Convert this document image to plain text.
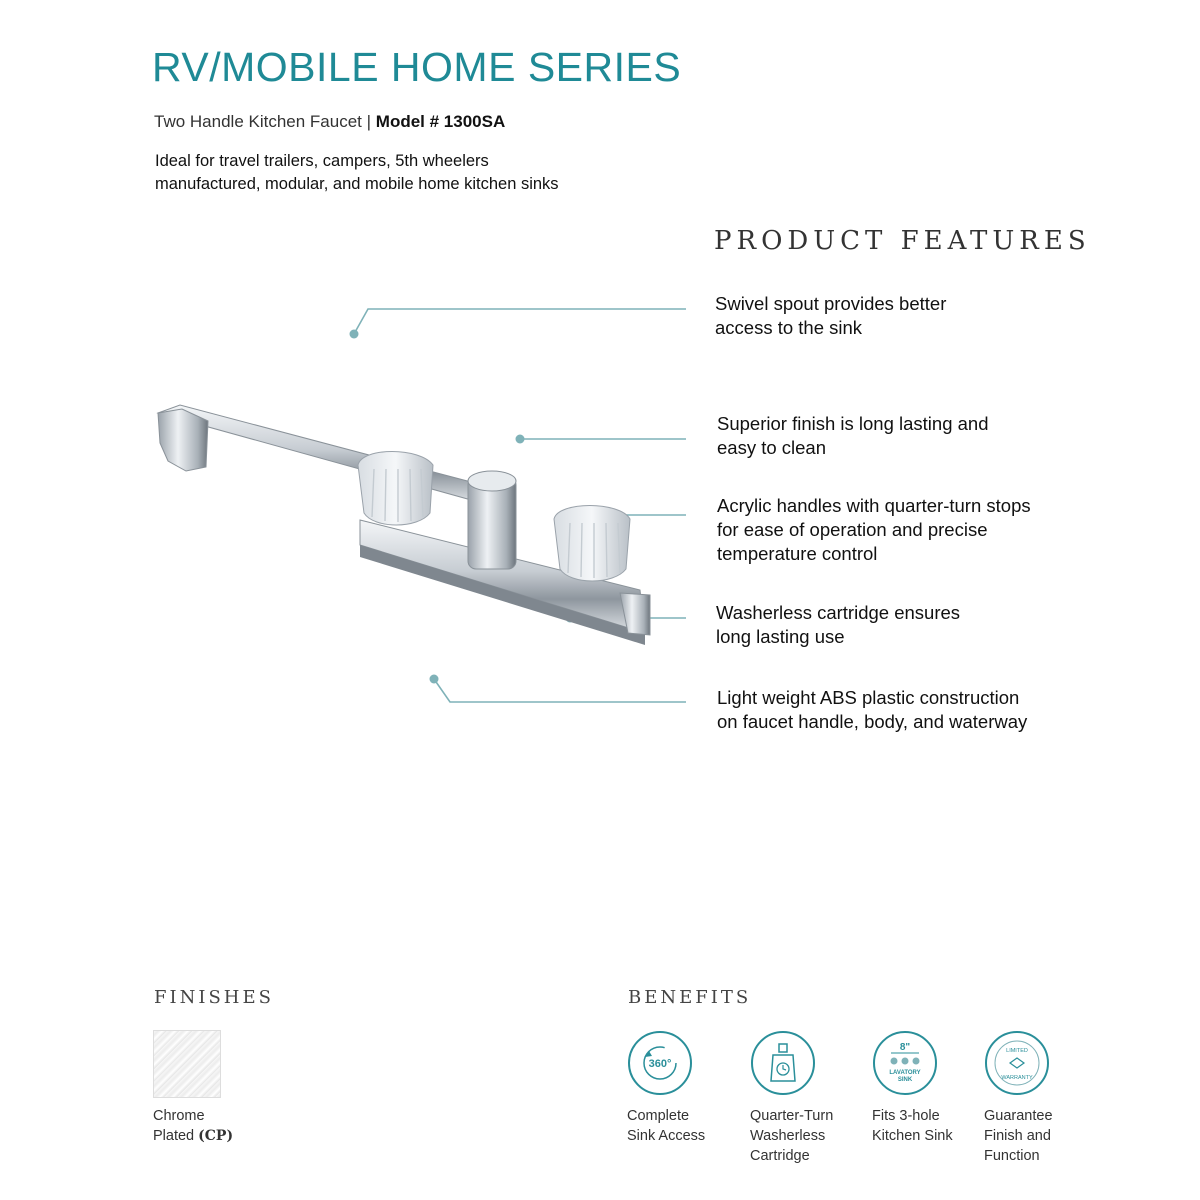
RV/MOBILE HOME SERIES
Two Handle Kitchen Faucet | Model # 1300SA
Ideal for travel trailers, campers, 5th wheelers
manufactured, modular, and mobile home kitchen sinks
PRODUCT FEATURES
Swivel spout provides better
access to the sink
Superior finish is long lasting and
easy to clean
Acrylic handles with quarter-turn stops
for ease of operation and precise
temperature control
Washerless cartridge ensures
long lasting use
Light weight ABS plastic construction
on faucet handle, body, and waterway
FINISHES
Chrome
Plated (CP)
BENEFITS
360°
Complete
Sink Access
Quarter-Turn
Washerless
Cartridge
8"
LAVATORY
SINK
Fits 3-hole
Kitchen Sink
LIMITED
WARRANTY
Guarantee
Finish and
Function
